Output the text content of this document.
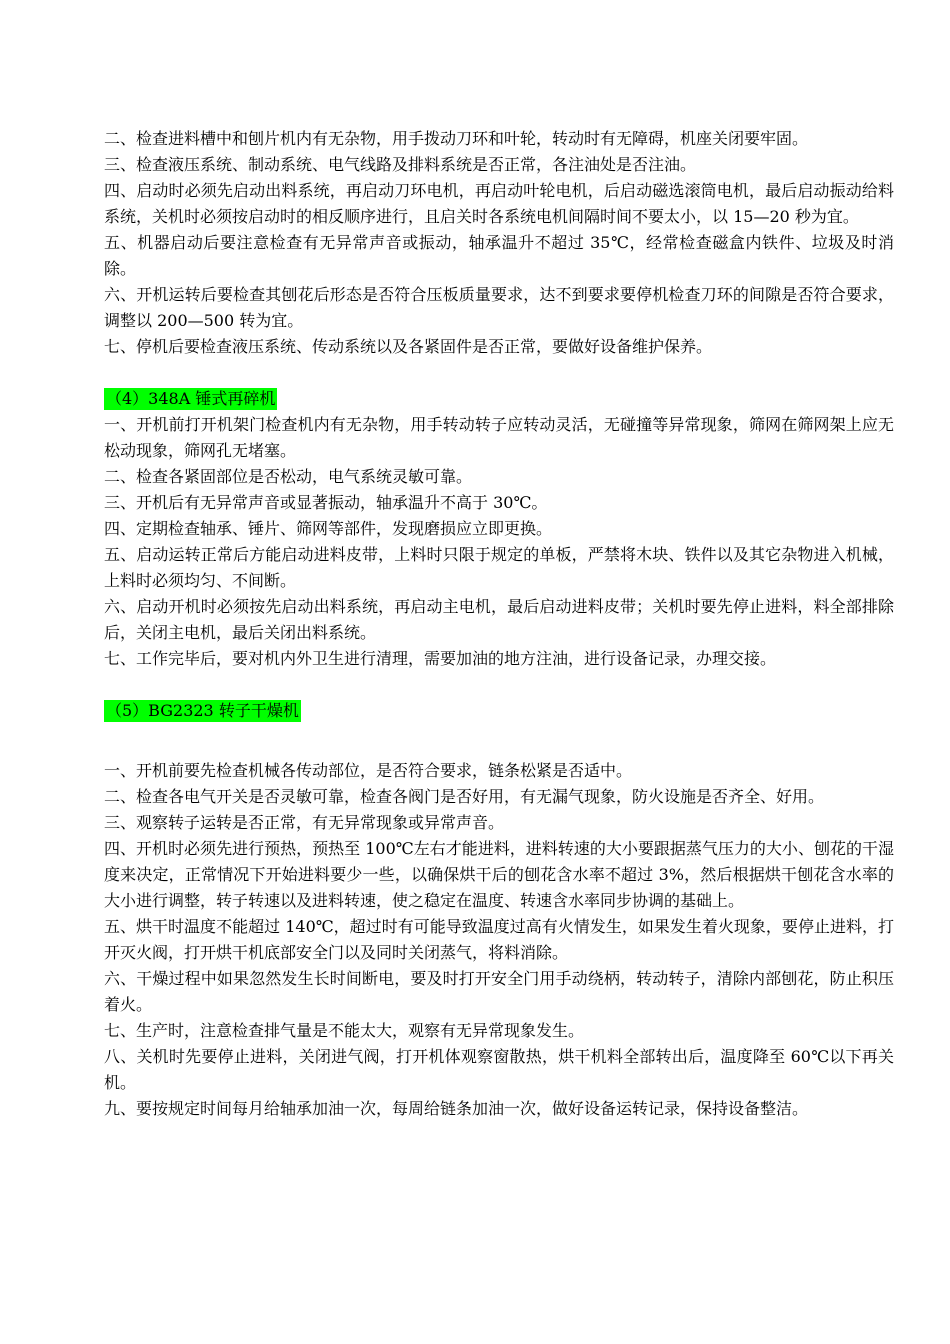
二、检查进料槽中和刨片机内有无杂物，用手拨动刀环和叶轮，转动时有无障碍，机座关闭要牢固。

三、检查液压系统、制动系统、电气线路及排料系统是否正常，各注油处是否注油。

四、启动时必须先启动出料系统，再启动刀环电机，再启动叶轮电机，后启动磁选滚筒电机，最后启动振动给料系统，关机时必须按启动时的相反顺序进行，且启关时各系统电机间隔时间不要太小，以 15—20 秒为宜。

五、机器启动后要注意检查有无异常声音或振动，轴承温升不超过 35℃，经常检查磁盒内铁件、垃圾及时消除。

六、开机运转后要检查其刨花后形态是否符合压板质量要求，达不到要求要停机检查刀环的间隙是否符合要求，调整以 200—500 转为宜。

七、停机后要检查液压系统、传动系统以及各紧固件是否正常，要做好设备维护保养。

（4）348A 锤式再碎机

一、开机前打开机架门检查机内有无杂物，用手转动转子应转动灵活，无碰撞等异常现象，筛网在筛网架上应无松动现象，筛网孔无堵塞。

二、检查各紧固部位是否松动，电气系统灵敏可靠。

三、开机后有无异常声音或显著振动，轴承温升不高于 30℃。

四、定期检查轴承、锤片、筛网等部件，发现磨损应立即更换。

五、启动运转正常后方能启动进料皮带，上料时只限于规定的单板，严禁将木块、铁件以及其它杂物进入机械，上料时必须均匀、不间断。

六、启动开机时必须按先启动出料系统，再启动主电机，最后启动进料皮带；关机时要先停止进料，料全部排除后，关闭主电机，最后关闭出料系统。

七、工作完毕后，要对机内外卫生进行清理，需要加油的地方注油，进行设备记录，办理交接。

（5）BG2323 转子干燥机

一、开机前要先检查机械各传动部位，是否符合要求，链条松紧是否适中。

二、检查各电气开关是否灵敏可靠，检查各阀门是否好用，有无漏气现象，防火设施是否齐全、好用。

三、观察转子运转是否正常，有无异常现象或异常声音。

四、开机时必须先进行预热，预热至 100℃左右才能进料，进料转速的大小要跟据蒸气压力的大小、刨花的干湿度来决定，正常情况下开始进料要少一些，以确保烘干后的刨花含水率不超过 3%，然后根据烘干刨花含水率的大小进行调整，转子转速以及进料转速，使之稳定在温度、转速含水率同步协调的基础上。

五、烘干时温度不能超过 140℃，超过时有可能导致温度过高有火情发生，如果发生着火现象，要停止进料，打开灭火阀，打开烘干机底部安全门以及同时关闭蒸气，将料消除。

六、干燥过程中如果忽然发生长时间断电，要及时打开安全门用手动绕柄，转动转子，清除内部刨花，防止积压着火。

七、生产时，注意检查排气量是不能太大，观察有无异常现象发生。

八、关机时先要停止进料，关闭进气阀，打开机体观察窗散热，烘干机料全部转出后，温度降至 60℃以下再关机。

九、要按规定时间每月给轴承加油一次，每周给链条加油一次，做好设备运转记录，保持设备整洁。
